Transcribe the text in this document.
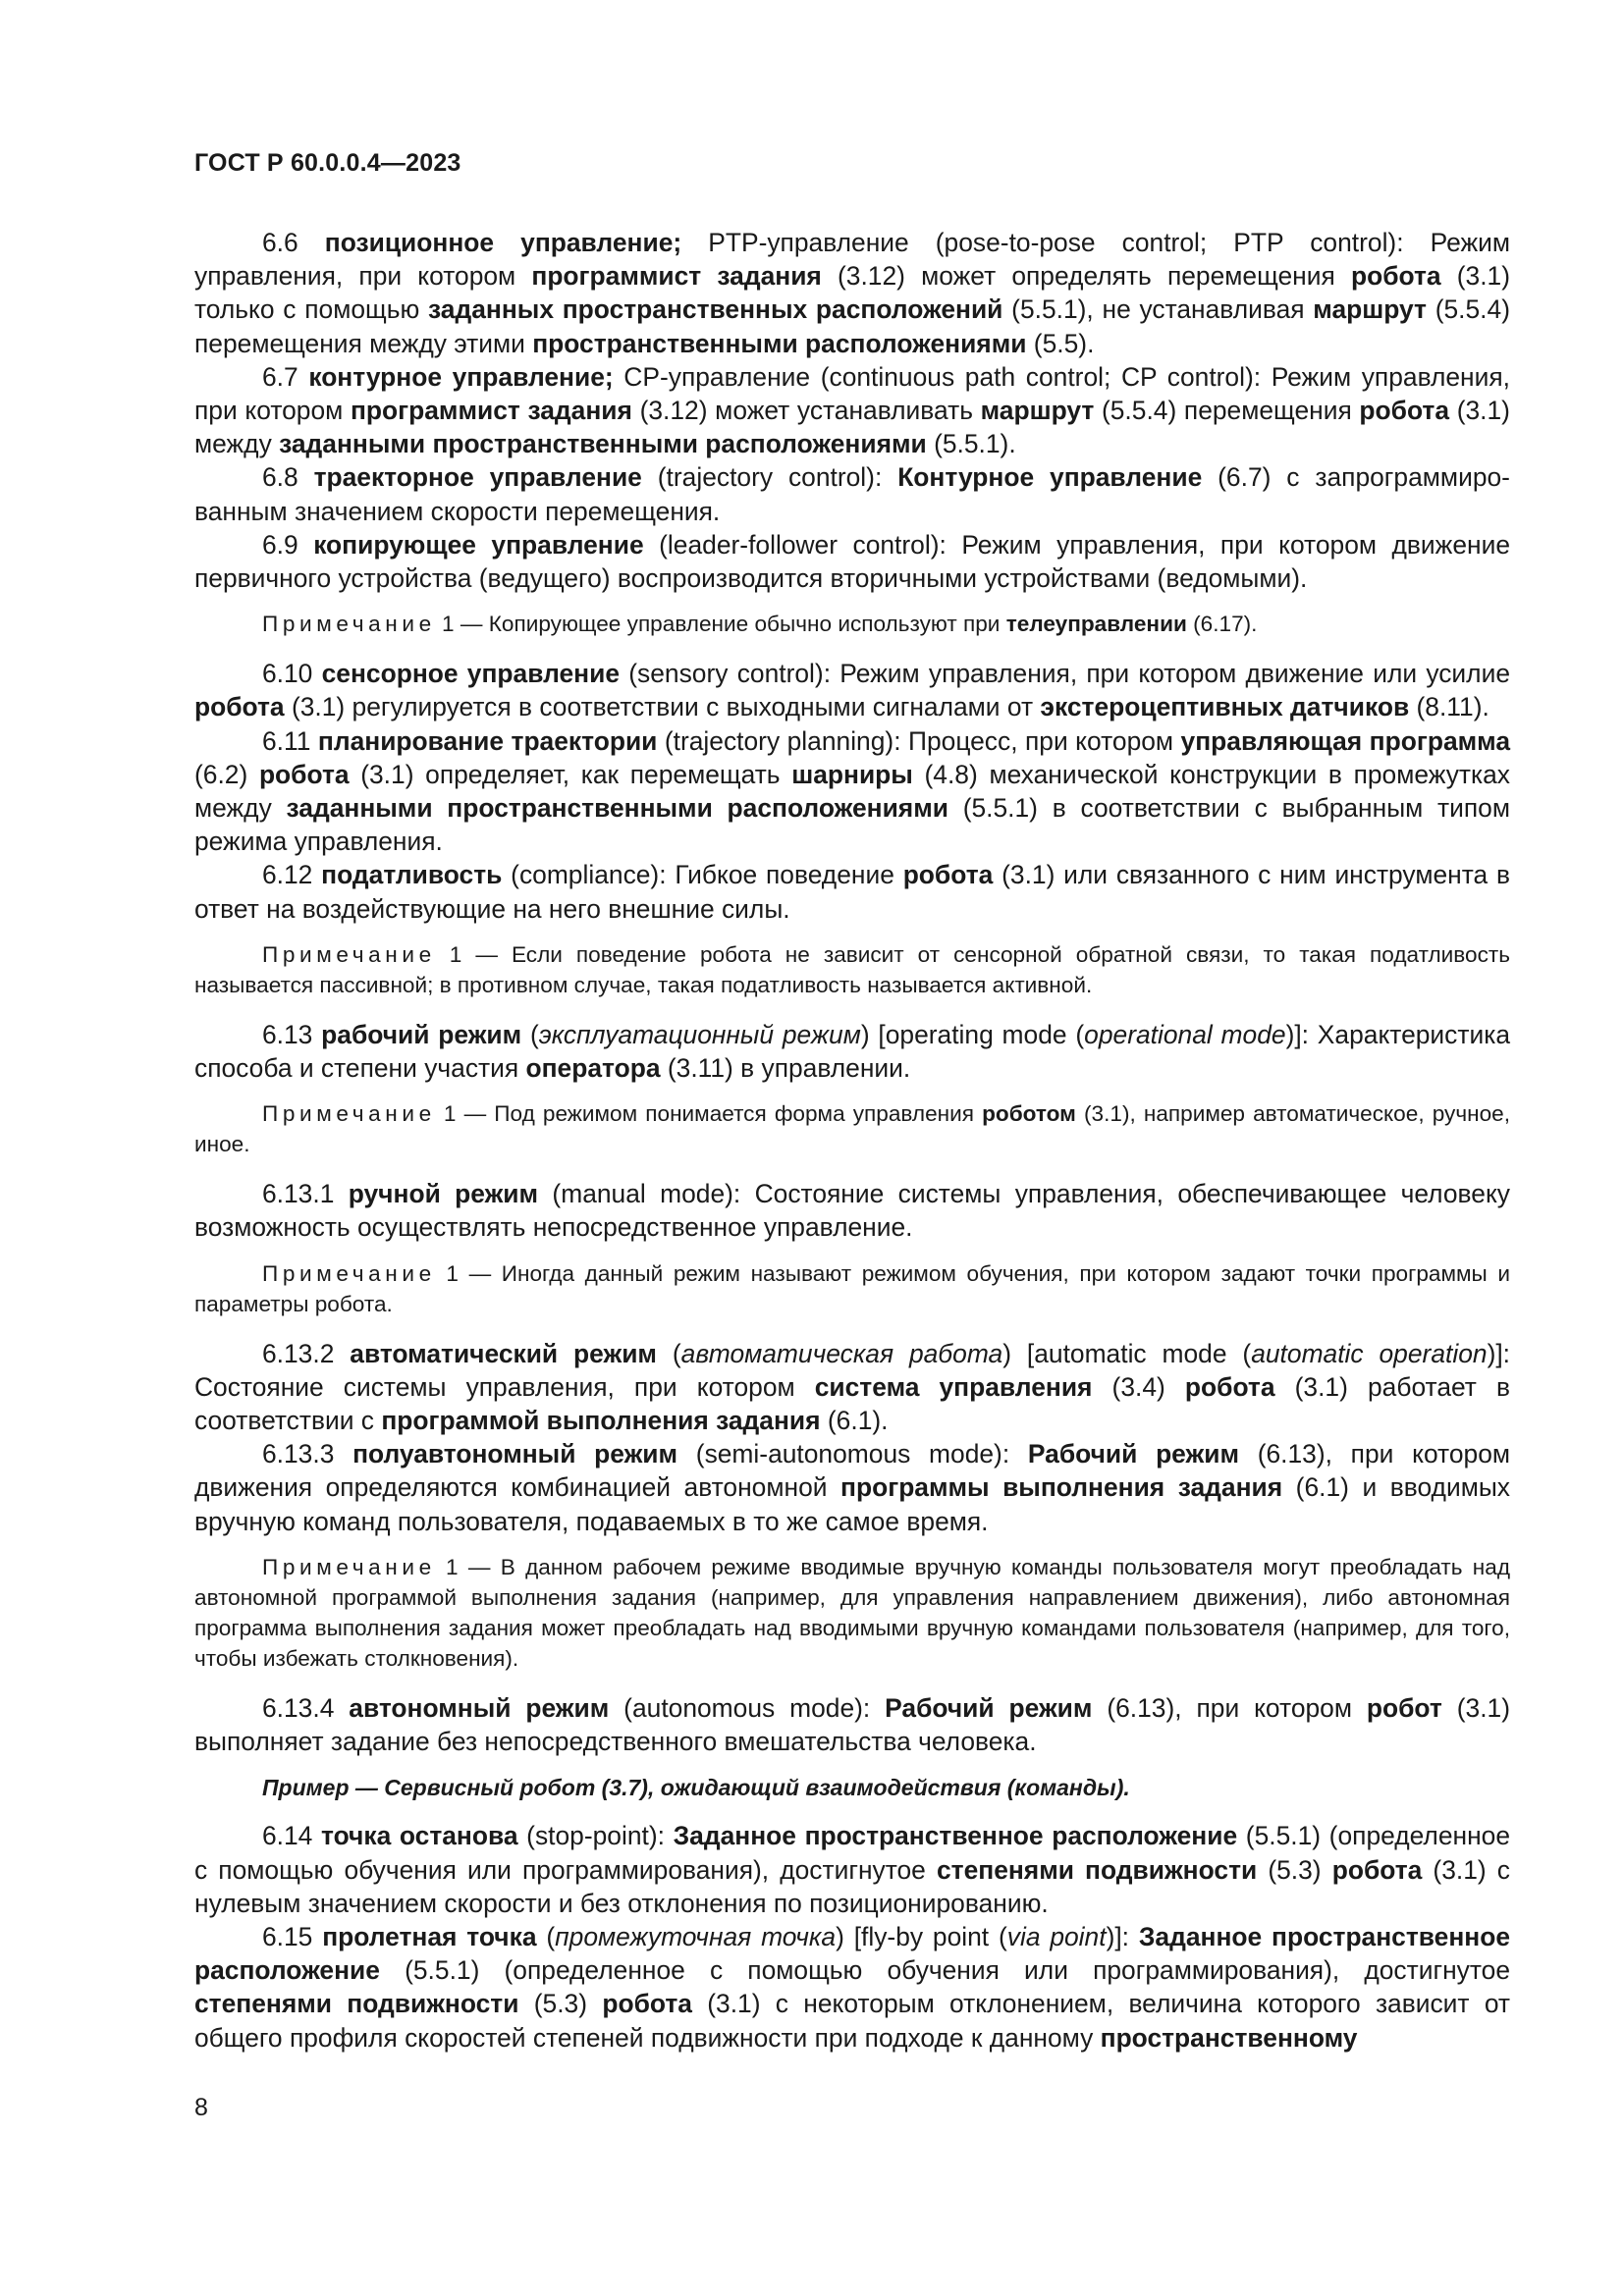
ГОСТ Р 60.0.0.4—2023

6.6 позиционное управление; PTP-управление (pose-to-pose control; PTP control): Режим управления, при котором программист задания (3.12) может определять перемещения робота (3.1) только с помощью заданных пространственных расположений (5.5.1), не устанавливая маршрут (5.5.4) перемещения между этими пространственными расположениями (5.5).

6.7 контурное управление; CP-управление (continuous path control; CP control): Режим управления, при котором программист задания (3.12) может устанавливать маршрут (5.5.4) перемещения робота (3.1) между заданными пространственными расположениями (5.5.1).

6.8 траекторное управление (trajectory control): Контурное управление (6.7) с запрограммированным значением скорости перемещения.

6.9 копирующее управление (leader-follower control): Режим управления, при котором движение первичного устройства (ведущего) воспроизводится вторичными устройствами (ведомыми).

Примечание 1 — Копирующее управление обычно используют при телеуправлении (6.17).

6.10 сенсорное управление (sensory control): Режим управления, при котором движение или усилие робота (3.1) регулируется в соответствии с выходными сигналами от экстероцептивных датчиков (8.11).

6.11 планирование траектории (trajectory planning): Процесс, при котором управляющая программа (6.2) робота (3.1) определяет, как перемещать шарниры (4.8) механической конструкции в промежутках между заданными пространственными расположениями (5.5.1) в соответствии с выбранным типом режима управления.

6.12 податливость (compliance): Гибкое поведение робота (3.1) или связанного с ним инструмента в ответ на воздействующие на него внешние силы.

Примечание 1 — Если поведение робота не зависит от сенсорной обратной связи, то такая податливость называется пассивной; в противном случае, такая податливость называется активной.

6.13 рабочий режим (эксплуатационный режим) [operating mode (operational mode)]: Характеристика способа и степени участия оператора (3.11) в управлении.

Примечание 1 — Под режимом понимается форма управления роботом (3.1), например автоматическое, ручное, иное.

6.13.1 ручной режим (manual mode): Состояние системы управления, обеспечивающее человеку возможность осуществлять непосредственное управление.

Примечание 1 — Иногда данный режим называют режимом обучения, при котором задают точки программы и параметры робота.

6.13.2 автоматический режим (автоматическая работа) [automatic mode (automatic operation)]: Состояние системы управления, при котором система управления (3.4) робота (3.1) работает в соответствии с программой выполнения задания (6.1).

6.13.3 полуавтономный режим (semi-autonomous mode): Рабочий режим (6.13), при котором движения определяются комбинацией автономной программы выполнения задания (6.1) и вводимых вручную команд пользователя, подаваемых в то же самое время.

Примечание 1 — В данном рабочем режиме вводимые вручную команды пользователя могут преобладать над автономной программой выполнения задания (например, для управления направлением движения), либо автономная программа выполнения задания может преобладать над вводимыми вручную командами пользователя (например, для того, чтобы избежать столкновения).

6.13.4 автономный режим (autonomous mode): Рабочий режим (6.13), при котором робот (3.1) выполняет задание без непосредственного вмешательства человека.

Пример — Сервисный робот (3.7), ожидающий взаимодействия (команды).

6.14 точка останова (stop-point): Заданное пространственное расположение (5.5.1) (определенное с помощью обучения или программирования), достигнутое степенями подвижности (5.3) робота (3.1) с нулевым значением скорости и без отклонения по позиционированию.

6.15 пролетная точка (промежуточная точка) [fly-by point (via point)]: Заданное пространственное расположение (5.5.1) (определенное с помощью обучения или программирования), достигнутое степенями подвижности (5.3) робота (3.1) с некоторым отклонением, величина которого зависит от общего профиля скоростей степеней подвижности при подходе к данному пространственному

8
